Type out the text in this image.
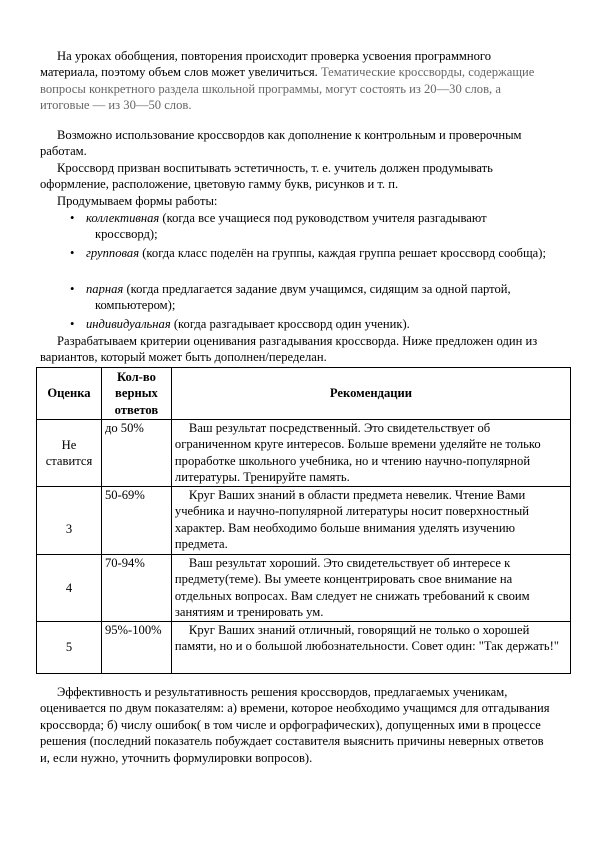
На уроках обобщения, повторения происходит проверка усвоения программного материала, поэтому объем слов может увеличиться. Тематические кроссворды, содержащие вопросы конкретного раздела школьной программы, могут состоять из 20—30 слов, а итоговые — из 30—50 слов.
Возможно использование кроссвордов как дополнение к контрольным и проверочным работам.
Кроссворд призван воспитывать эстетичность, т. е. учитель должен продумывать оформление, расположение, цветовую гамму букв, рисунков и т. п.
Продумываем формы работы:
• коллективная (когда все учащиеся под руководством учителя разгадывают кроссворд);
• групповая (когда класс поделён на группы, каждая группа решает кроссворд сообща);
• парная (когда предлагается задание двум учащимся, сидящим за одной партой, компьютером);
• индивидуальная (когда разгадывает кроссворд один ученик).
Разрабатываем критерии оценивания разгадывания кроссворда. Ниже предложен один из вариантов, который может быть дополнен/переделан.
Оценка	Кол-во верных ответов	Рекомендации
Не ставится	до 50%	Ваш результат посредственный. Это свидетельствует об ограниченном круге интересов. Больше времени уделяйте не только проработке школьного учебника, но и чтению научно-популярной литературы. Тренируйте память.
3	50-69%	Круг Ваших знаний в области предмета невелик. Чтение Вами учебника и научно-популярной литературы носит поверхностный характер. Вам необходимо больше внимания уделять изучению предмета.
4	70-94%	Ваш результат хороший. Это свидетельствует об интересе к предмету(теме). Вы умеете концентрировать свое внимание на отдельных вопросах. Вам следует не снижать требований к своим занятиям и тренировать ум.
5	95%-100%	Круг Ваших знаний отличный, говорящий не только о хорошей памяти, но и о большой любознательности. Совет один: "Так держать!"
Эффективность и результативность решения кроссвордов, предлагаемых ученикам, оценивается по двум показателям: а) времени, которое необходимо учащимся для отгадывания кроссворда; б) числу ошибок( в том числе и орфографических), допущенных ими в процессе решения (последний показатель побуждает составителя выяснить причины неверных ответов и, если нужно, уточнить формулировки вопросов).
